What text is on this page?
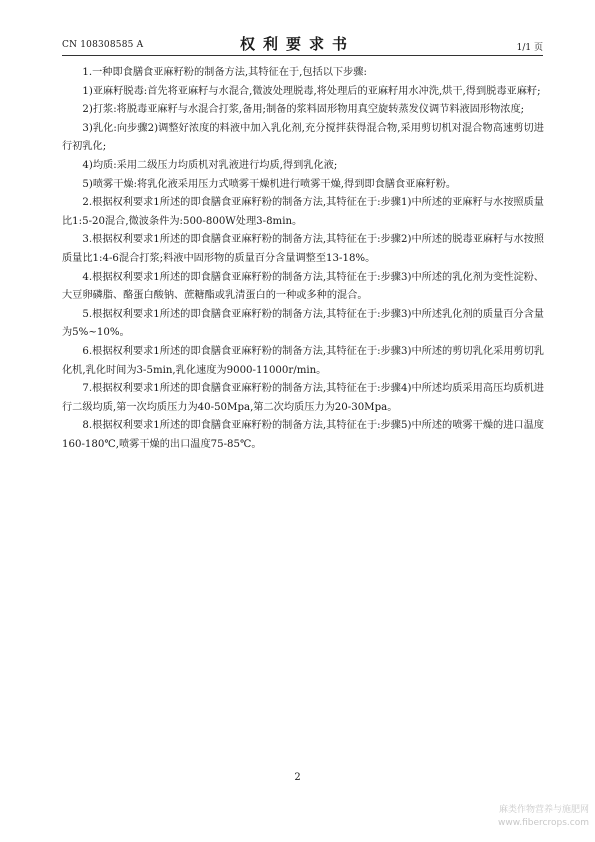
CN 108308585 A	权利要求书	1/1 页

1.一种即食膳食亚麻籽粉的制备方法,其特征在于,包括以下步骤:

1)亚麻籽脱毒:首先将亚麻籽与水混合,微波处理脱毒,将处理后的亚麻籽用水冲洗,烘干,得到脱毒亚麻籽;

2)打浆:将脱毒亚麻籽与水混合打浆,备用;制备的浆料固形物用真空旋转蒸发仪调节料液固形物浓度;

3)乳化:向步骤2)调整好浓度的料液中加入乳化剂,充分搅拌获得混合物,采用剪切机对混合物高速剪切进行初乳化;

4)均质:采用二级压力均质机对乳液进行均质,得到乳化液;

5)喷雾干燥:将乳化液采用压力式喷雾干燥机进行喷雾干燥,得到即食膳食亚麻籽粉。

2.根据权利要求1所述的即食膳食亚麻籽粉的制备方法,其特征在于:步骤1)中所述的亚麻籽与水按照质量比1:5-20混合,微波条件为:500-800W处理3-8min。

3.根据权利要求1所述的即食膳食亚麻籽粉的制备方法,其特征在于:步骤2)中所述的脱毒亚麻籽与水按照质量比1:4-6混合打浆;料液中固形物的质量百分含量调整至13-18%。

4.根据权利要求1所述的即食膳食亚麻籽粉的制备方法,其特征在于:步骤3)中所述的乳化剂为变性淀粉、大豆卵磷脂、酪蛋白酸钠、蔗糖酯或乳清蛋白的一种或多种的混合。

5.根据权利要求1所述的即食膳食亚麻籽粉的制备方法,其特征在于:步骤3)中所述乳化剂的质量百分含量为5%~10%。

6.根据权利要求1所述的即食膳食亚麻籽粉的制备方法,其特征在于:步骤3)中所述的剪切乳化采用剪切乳化机,乳化时间为3-5min,乳化速度为9000-11000r/min。

7.根据权利要求1所述的即食膳食亚麻籽粉的制备方法,其特征在于:步骤4)中所述均质采用高压均质机进行二级均质,第一次均质压力为40-50Mpa,第二次均质压力为20-30Mpa。

8.根据权利要求1所述的即食膳食亚麻籽粉的制备方法,其特征在于:步骤5)中所述的喷雾干燥的进口温度160-180℃,喷雾干燥的出口温度75-85℃。

2
麻类作物营养与施肥网
www.fibercrops.com
